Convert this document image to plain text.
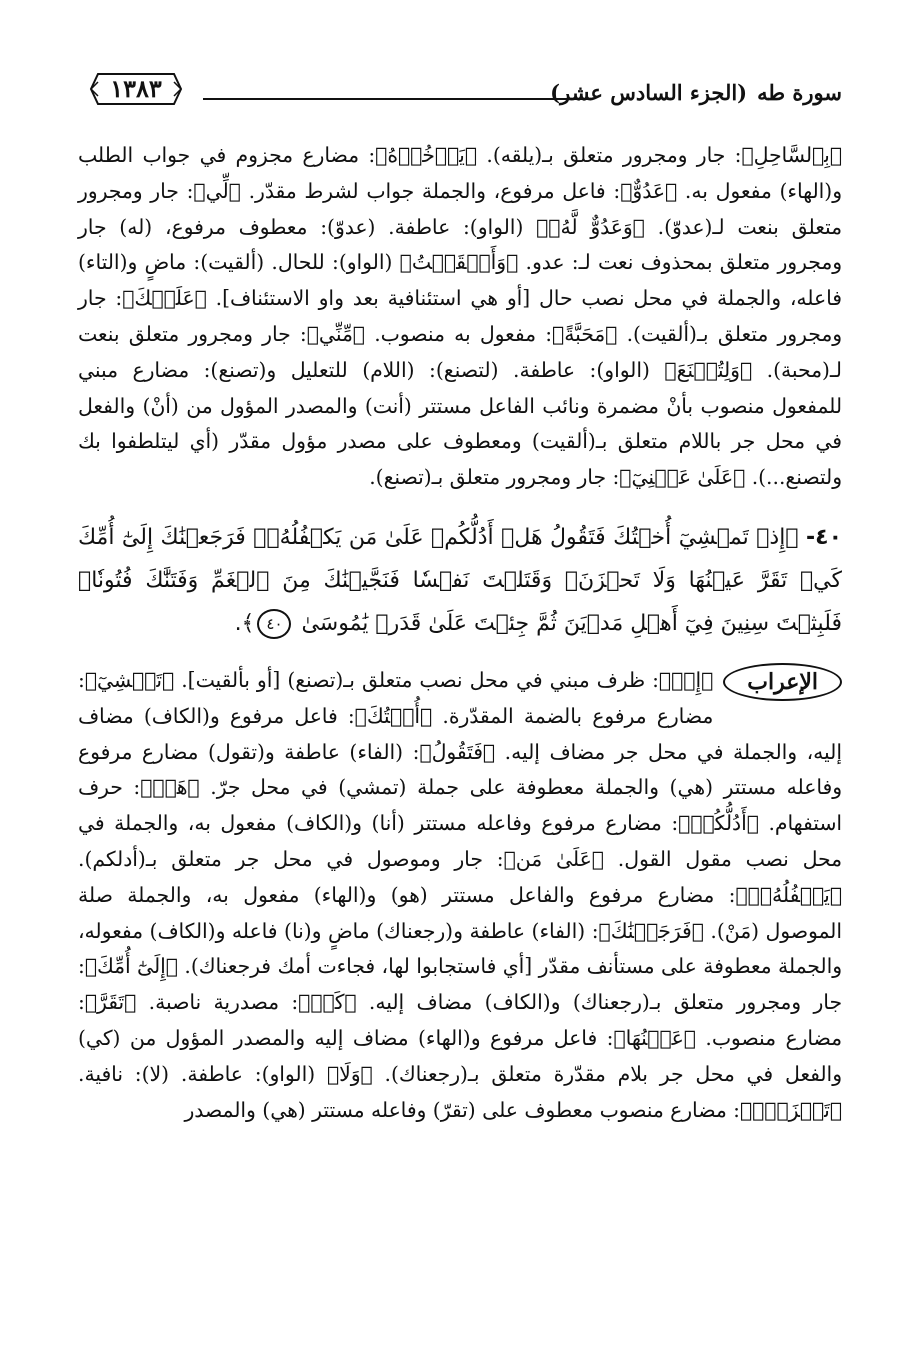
سورة طه(الجزء السادس عشر)
١٣٨٣

﴿بِٱلسَّاحِلِ﴾: جار ومجرور متعلق بـ(يلقه). ﴿يَأۡخُذۡهُ﴾: مضارع مجزوم في جواب الطلب و(الهاء) مفعول به. ﴿عَدُوٌّ﴾: فاعل مرفوع، والجملة جواب لشرط مقدّر. ﴿لِّي﴾: جار ومجرور متعلق بنعت لـ(عدوّ). ﴿وَعَدُوٌّ لَّهُۥ﴾ (الواو): عاطفة. (عدوّ): معطوف مرفوع، (له) جار ومجرور متعلق بمحذوف نعت لـ: عدو. ﴿وَأَلۡقَيۡتُ﴾ (الواو): للحال. (ألقيت): ماضٍ و(التاء) فاعله، والجملة في محل نصب حال [أو هي استئنافية بعد واو الاستئناف]. ﴿عَلَيۡكَ﴾: جار ومجرور متعلق بـ(ألقيت). ﴿مَحَبَّةً﴾: مفعول به منصوب. ﴿مِّنِّي﴾: جار ومجرور متعلق بنعت لـ(محبة). ﴿وَلِتُصۡنَعَ﴾ (الواو): عاطفة. (لتصنع): (اللام) للتعليل و(تصنع): مضارع مبني للمفعول منصوب بأنْ مضمرة ونائب الفاعل مستتر (أنت) والمصدر المؤول من (أنْ) والفعل في محل جر باللام متعلق بـ(ألقيت) ومعطوف على مصدر مؤول مقدّر (أي ليتلطفوا بك ولتصنع...). ﴿عَلَىٰ عَيۡنِيٓ﴾: جار ومجرور متعلق بـ(تصنع).

٤٠- ﴿إِذۡ تَمۡشِيٓ أُخۡتُكَ فَتَقُولُ هَلۡ أَدُلُّكُمۡ عَلَىٰ مَن يَكۡفُلُهُۥۖ فَرَجَعۡنَٰكَ إِلَىٰٓ أُمِّكَ كَيۡ تَقَرَّ عَيۡنُهَا وَلَا تَحۡزَنَۚ وَقَتَلۡتَ نَفۡسٗا فَنَجَّيۡنَٰكَ مِنَ ٱلۡغَمِّ وَفَتَنَّٰكَ فُتُونٗاۚ فَلَبِثۡتَ سِنِينَ فِيٓ أَهۡلِ مَدۡيَنَ ثُمَّ جِئۡتَ عَلَىٰ قَدَرٖ يَٰمُوسَىٰ ٤٠﴾.
الإعراب

﴿إِذۡ﴾: ظرف مبني في محل نصب متعلق بـ(تصنع) [أو بألقيت]. ﴿تَمۡشِيٓ﴾: مضارع مرفوع بالضمة المقدّرة. ﴿أُخۡتُكَ﴾: فاعل مرفوع و(الكاف) مضاف إليه، والجملة في محل جر مضاف إليه. ﴿فَتَقُولُ﴾: (الفاء) عاطفة و(تقول) مضارع مرفوع وفاعله مستتر (هي) والجملة معطوفة على جملة (تمشي) في محل جرّ. ﴿هَلۡ﴾: حرف استفهام. ﴿أَدُلُّكُمۡ﴾: مضارع مرفوع وفاعله مستتر (أنا) و(الكاف) مفعول به، والجملة في محل نصب مقول القول. ﴿عَلَىٰ مَن﴾: جار وموصول في محل جر متعلق بـ(أدلكم). ﴿يَكۡفُلُهُۥۖ﴾: مضارع مرفوع والفاعل مستتر (هو) و(الهاء) مفعول به، والجملة صلة الموصول (مَنْ). ﴿فَرَجَعۡنَٰكَ﴾: (الفاء) عاطفة و(رجعناك) ماضٍ و(نا) فاعله و(الكاف) مفعوله، والجملة معطوفة على مستأنف مقدّر [أي فاستجابوا لها، فجاءت أمك فرجعناك). ﴿إِلَىٰٓ أُمِّكَ﴾: جار ومجرور متعلق بـ(رجعناك) و(الكاف) مضاف إليه. ﴿كَيۡ﴾: مصدرية ناصبة. ﴿تَقَرَّ﴾: مضارع منصوب. ﴿عَيۡنُهَا﴾: فاعل مرفوع و(الهاء) مضاف إليه والمصدر المؤول من (كي) والفعل في محل جر بلام مقدّرة متعلق بـ(رجعناك). ﴿وَلَا﴾ (الواو): عاطفة. (لا): نافية. ﴿تَحۡزَنَۚ﴾: مضارع منصوب معطوف على (تقرّ) وفاعله مستتر (هي) والمصدر
